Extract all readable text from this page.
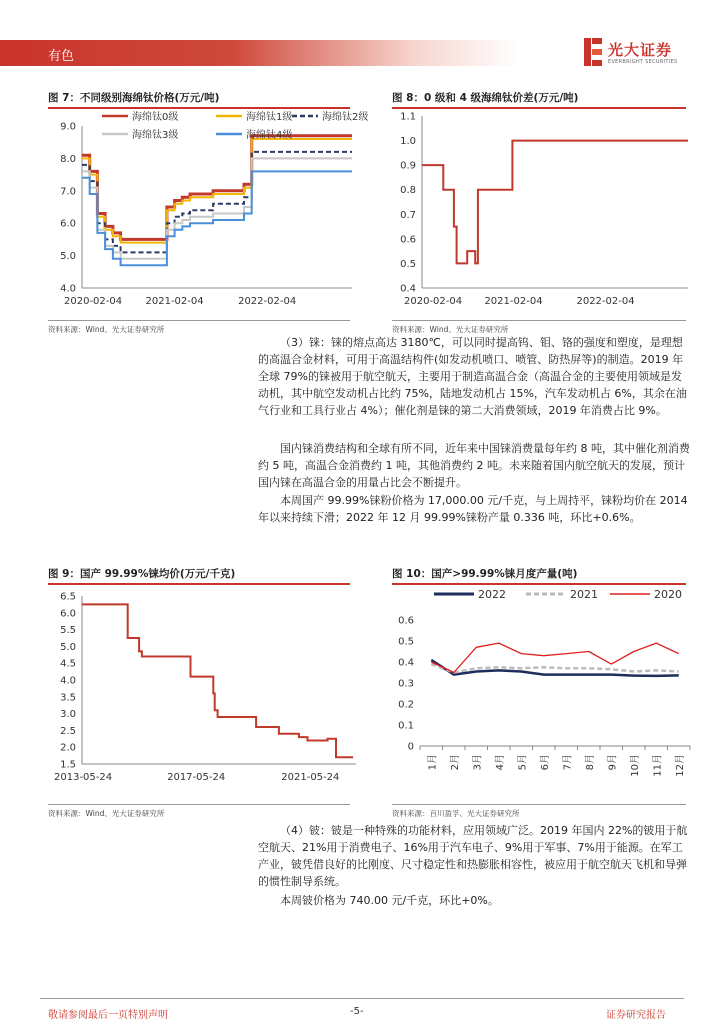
有色	光大证券
EVERBRIGHT SECURITIES
图 7：不同级别海绵钛价格(万元/吨)
9.0
8.0
7.0
6.0
5.0
4.0
2020-02-04 2021-02-04	2022-02-04
海绵钛0级	海绵钛1级	海绵钛2级
海绵钛3级	海绵钛4级
资料来源：Wind、光大证券研究所
图 8：0 级和 4 级海绵钛价差(万元/吨)
1.1
1.0
0.9
0.8
0.7
0.6
0.5
0.4
2020-02-04 2021-02-04	2022-02-04
资料来源：Wind、光大证券研究所

（3）铼：铼的熔点高达 3180℃，可以同时提高钨、钼、铬的强度和塑度，是理想的高温合金材料，可用于高温结构件(如发动机喷口、喷管、防热屏等)的制造。2019 年全球 79%的铼被用于航空航天，主要用于制造高温合金（高温合金的主要使用领域是发动机，其中航空发动机占比约 75%，陆地发动机占 15%，汽车发动机占 6%，其余在油气行业和工具行业占 4%）；催化剂是铼的第二大消费领域，2019 年消费占比 9%。

国内铼消费结构和全球有所不同，近年来中国铼消费量每年约 8 吨，其中催化剂消费约 5 吨，高温合金消费约 1 吨，其他消费约 2 吨。未来随着国内航空航天的发展，预计国内铼在高温合金的用量占比会不断提升。

本周国产 99.99%铼粉价格为 17,000.00 元/千克，与上周持平，铼粉均价在 2014 年以来持续下滑；2022 年 12 月 99.99%铼粉产量 0.336 吨，环比+0.6%。

图 9：国产 99.99%铼均价(万元/千克)
6.5
6.0
5.5
5.0
4.5
4.0
3.5
3.0
2.5
2.0
1.5
2013-05-24	2017-05-24	2021-05-24
图 10：国产>99.99%铼月度产量(吨)
0.6
0.5
0.4
0.3
0.2
0.1
0
1月 2月 3月 4月 5月 6月 7月 8月 9月 10月 11月 12月
2022	2021	2020
资料来源：Wind、光大证券研究所	资料来源：百川盈孚、光大证券研究所

（4）铍：铍是一种特殊的功能材料，应用领域广泛。2019 年国内 22%的铍用于航空航天、21%用于消费电子、16%用于汽车电子、9%用于军事、7%用于能源。在军工产业，铍凭借良好的比刚度、尺寸稳定性和热膨胀相容性，被应用于航空航天飞机和导弹的惯性制导系统。

本周铍价格为 740.00 元/千克，环比+0%。

敬请参阅最后一页特别声明	-5-	证券研究报告
